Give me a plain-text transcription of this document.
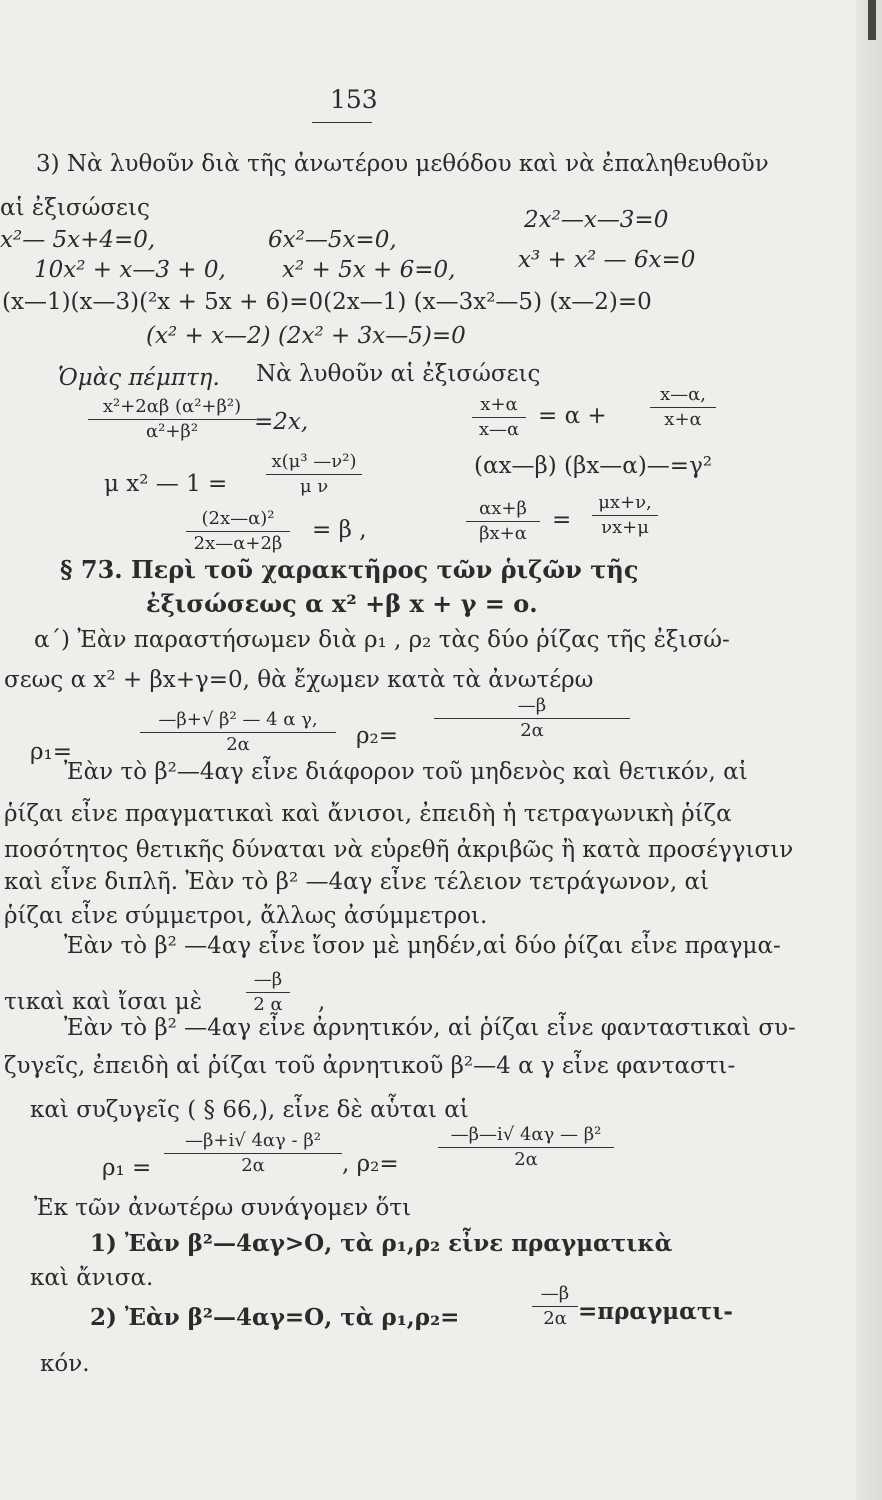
153
3) Νὰ λυθοῦν διὰ τῆς ἀνωτέρου μεθόδου καὶ νὰ ἐπαληθευθοῦν
αἱ ἐξισώσεις
x²— 5x+4=0,	6x²—5x=0,
2x²—x—3=0
10x² + x—3 + 0, x² + 5x + 6=0,	x³ + x² — 6x=0
(x—1)(x—3)(²x + 5x + 6)=0(2x—1) (x—3x²—5) (x—2)=0
(x² + x—2) (2x² + 3x—5)=0
Ὁμὰς πέμπτη. Νὰ λυθοῦν αἱ ἐξισώσεις
$\frac{\text{x²+2αβ (α²+β²)}}{\text{α²+β²}}$
=2x,	$\frac{x+\alpha}{x—\alpha} = \alpha + \frac{x—\alpha,}{x+\alpha}$
μ x² — $1 = \frac{\text{x(μ³ —ν²)}}{\text{μ ν}}$	(αx—β) (βx—α)—=γ²
$\frac{\text{(2x—α)²}}{2x—\alpha+2\beta} = \beta$ ,	$\frac{\alpha x+\beta}{\beta x+\alpha} = \frac{\mu x+\nu,}{\nu x+\mu}$
§ 73. Περὶ τοῦ χαρακτῆρος τῶν ῥιζῶν τῆς
ἐξισώσεως α x² +β x + γ = ο.
α΄) Ἐὰν παραστήσωμεν διὰ ρ₁ , ρ₂ τὰς δύο ῥίζας τῆς ἐξισώ-
σεως α x² + βx+γ=0, θὰ ἔχωμεν κατὰ τὰ ἀνωτέρω
ρ₁=	$\frac{\text{—β+√ β² — 4 α γ,}}{2\alpha} \rho_2= \frac{—\beta}{2\alpha}$
Ἐὰν τὸ β²—4αγ εἶνε διάφορον τοῦ μηδενὸς καὶ θετικόν, αἱ
ῥίζαι εἶνε πραγματικαὶ καὶ ἄνισοι, ἐπειδὴ ἡ τετραγωνικὴ ῥίζα
ποσότητος θετικῆς δύναται νὰ εὑρεθῆ ἀκριβῶς ἢ κατὰ προσέγγισιν
καὶ εἶνε διπλῆ. Ἐὰν τὸ β² —4αγ εἶνε τέλειον τετράγωνον, αἱ
ῥίζαι εἶνε σύμμετροι, ἄλλως ἀσύμμετροι.
Ἐὰν τὸ β² —4αγ εἶνε ἴσον μὲ μηδέν,αἱ δύο ῥίζαι εἶνε πραγμα-
τικαὶ καὶ ἴσαι μὲ $\frac{—\beta}{2 \alpha}$ ,
Ἐὰν τὸ β² —4αγ εἶνε ἀρνητικόν, αἱ ῥίζαι εἶνε φανταστικαὶ συ-
ζυγεῖς, ἐπειδὴ αἱ ῥίζαι τοῦ ἀρνητικοῦ β²—4 α γ εἶνε φανταστι-
καὶ συζυγεῖς ( § 66,), εἶνε δὲ αὗται αἱ
$\rho_1 = \frac{\text{—β+i√ 4αγ - β²}}{2\alpha}$ , $\rho_2= \frac{\text{—β—i√ 4αγ — β²}}{2\alpha}$
Ἐκ τῶν ἀνωτέρω συνάγομεν ὅτι
1) Ἐὰν β²—4αγ>Ο, τὰ ρ₁,ρ₂ εἶνε πραγματικὰ
καὶ ἄνισα.
2) Ἐὰν β²—4αγ=Ο, τὰ ρ₁,ρ₂=	$\frac{—\beta}{2\alpha} =\pi\rho\alpha\gamma\mu\alpha\tau\iota-$
κόν.
